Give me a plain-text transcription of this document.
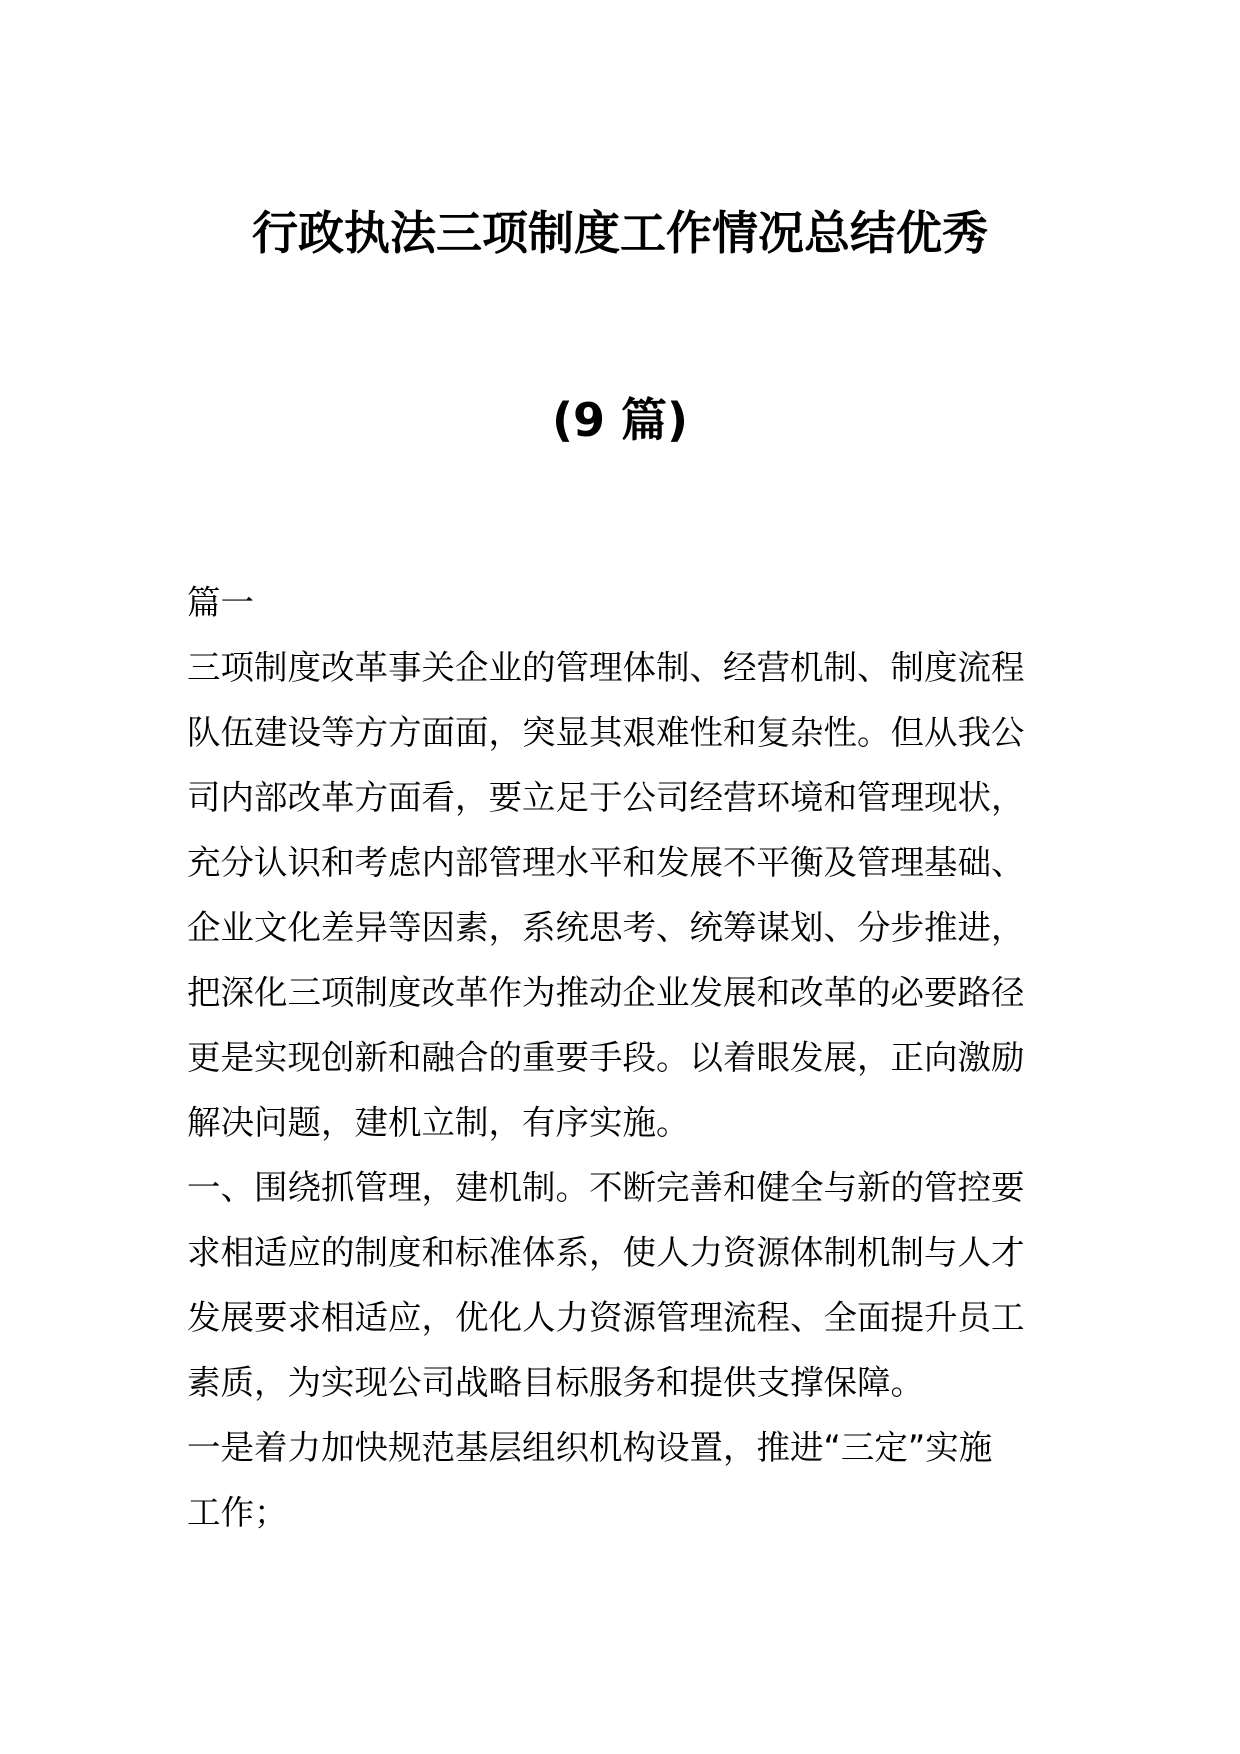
行政执法三项制度工作情况总结优秀
(9 篇)
篇一
三项制度改革事关企业的管理体制、经营机制、制度流程
队伍建设等方方面面，突显其艰难性和复杂性。但从我公
司内部改革方面看，要立足于公司经营环境和管理现状，
充分认识和考虑内部管理水平和发展不平衡及管理基础、
企业文化差异等因素，系统思考、统筹谋划、分步推进，
把深化三项制度改革作为推动企业发展和改革的必要路径
更是实现创新和融合的重要手段。以着眼发展，正向激励
解决问题，建机立制，有序实施。
一、围绕抓管理，建机制。不断完善和健全与新的管控要
求相适应的制度和标准体系，使人力资源体制机制与人才
发展要求相适应，优化人力资源管理流程、全面提升员工
素质，为实现公司战略目标服务和提供支撑保障。
一是着力加快规范基层组织机构设置，推进“三定”实施
工作；
